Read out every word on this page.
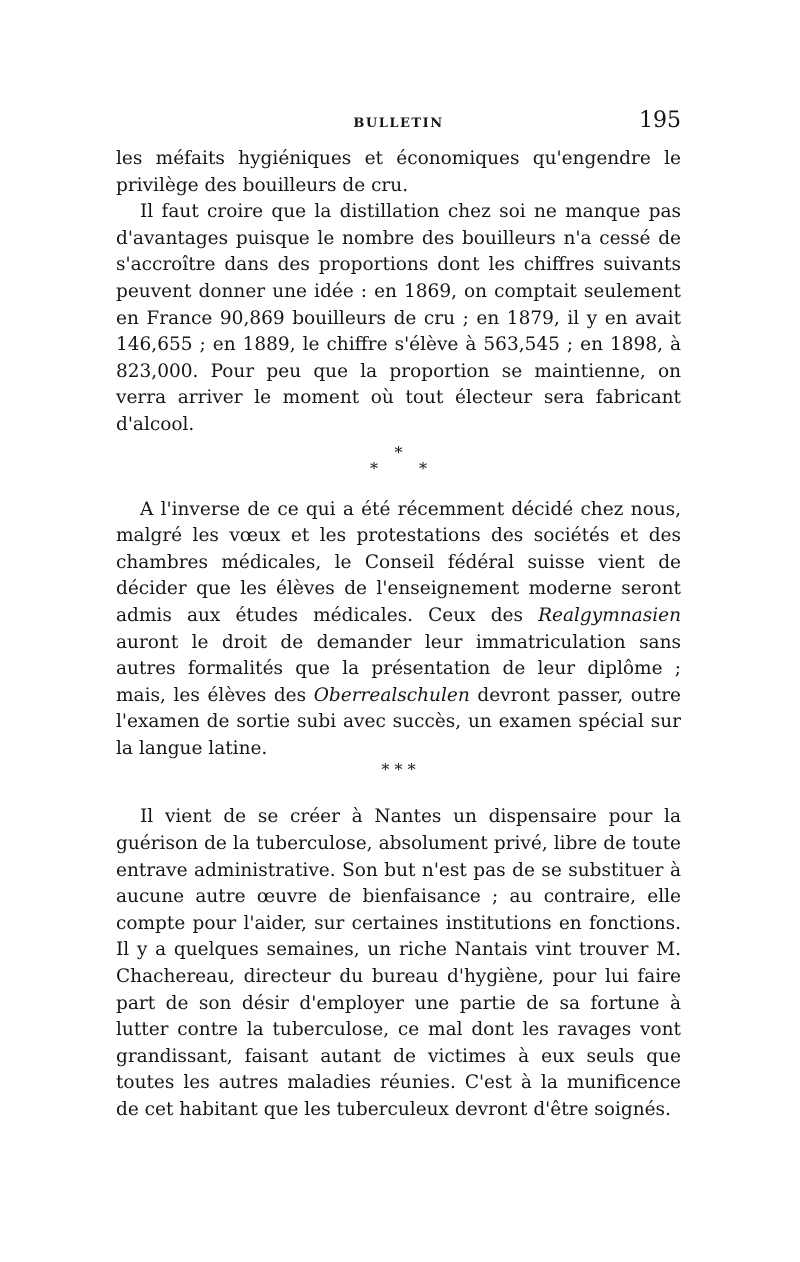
BULLETIN	195

les méfaits hygiéniques et économiques qu'engendre le privilège des bouilleurs de cru.

Il faut croire que la distillation chez soi ne manque pas d'avantages puisque le nombre des bouilleurs n'a cessé de s'accroître dans des proportions dont les chiffres suivants peuvent donner une idée : en 1869, on comptait seulement en France 90,869 bouilleurs de cru ; en 1879, il y en avait 146,655 ; en 1889, le chiffre s'élève à 563,545 ; en 1898, à 823,000. Pour peu que la proportion se maintienne, on verra arriver le moment où tout électeur sera fabricant d'alcool.

*
* *

A l'inverse de ce qui a été récemment décidé chez nous, malgré les vœux et les protestations des sociétés et des chambres médicales, le Conseil fédéral suisse vient de décider que les élèves de l'enseignement moderne seront admis aux études médicales. Ceux des Realgymnasien auront le droit de demander leur immatriculation sans autres formalités que la présentation de leur diplôme ; mais, les élèves des Oberrealschulen devront passer, outre l'examen de sortie subi avec succès, un examen spécial sur la langue latine.

* * *

Il vient de se créer à Nantes un dispensaire pour la guérison de la tuberculose, absolument privé, libre de toute entrave administrative. Son but n'est pas de se substituer à aucune autre œuvre de bienfaisance ; au contraire, elle compte pour l'aider, sur certaines institutions en fonctions. Il y a quelques semaines, un riche Nantais vint trouver M. Chachereau, directeur du bureau d'hygiène, pour lui faire part de son désir d'employer une partie de sa fortune à lutter contre la tuberculose, ce mal dont les ravages vont grandissant, faisant autant de victimes à eux seuls que toutes les autres maladies réunies. C'est à la munificence de cet habitant que les tuberculeux devront d'être soignés.
